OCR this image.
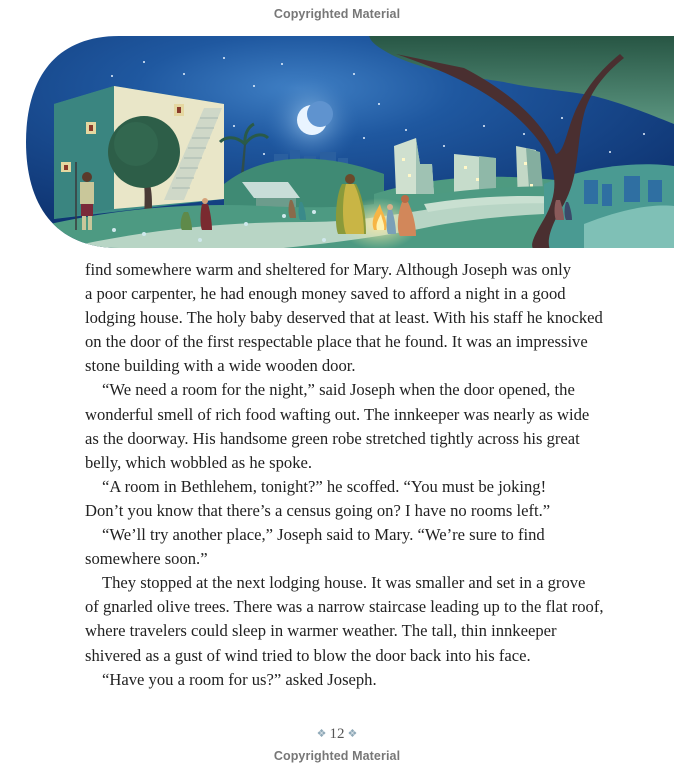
Copyrighted Material

find somewhere warm and sheltered for Mary. Although Joseph was only
a poor carpenter, he had enough money saved to afford a night in a good
lodging house. The holy baby deserved that at least. With his staff he knocked
on the door of the first respectable place that he found. It was an impressive
stone building with a wide wooden door.

“We need a room for the night,” said Joseph when the door opened, the
wonderful smell of rich food wafting out. The innkeeper was nearly as wide
as the doorway. His handsome green robe stretched tightly across his great
belly, which wobbled as he spoke.

“A room in Bethlehem, tonight?” he scoffed. “You must be joking!
Don’t you know that there’s a census going on? I have no rooms left.”

“We’ll try another place,” Joseph said to Mary. “We’re sure to find
somewhere soon.”

They stopped at the next lodging house. It was smaller and set in a grove
of gnarled olive trees. There was a narrow staircase leading up to the flat roof,
where travelers could sleep in warmer weather. The tall, thin innkeeper
shivered as a gust of wind tried to blow the door back into his face.

“Have you a room for us?” asked Joseph.

❖ 12 ❖
Copyrighted Material
